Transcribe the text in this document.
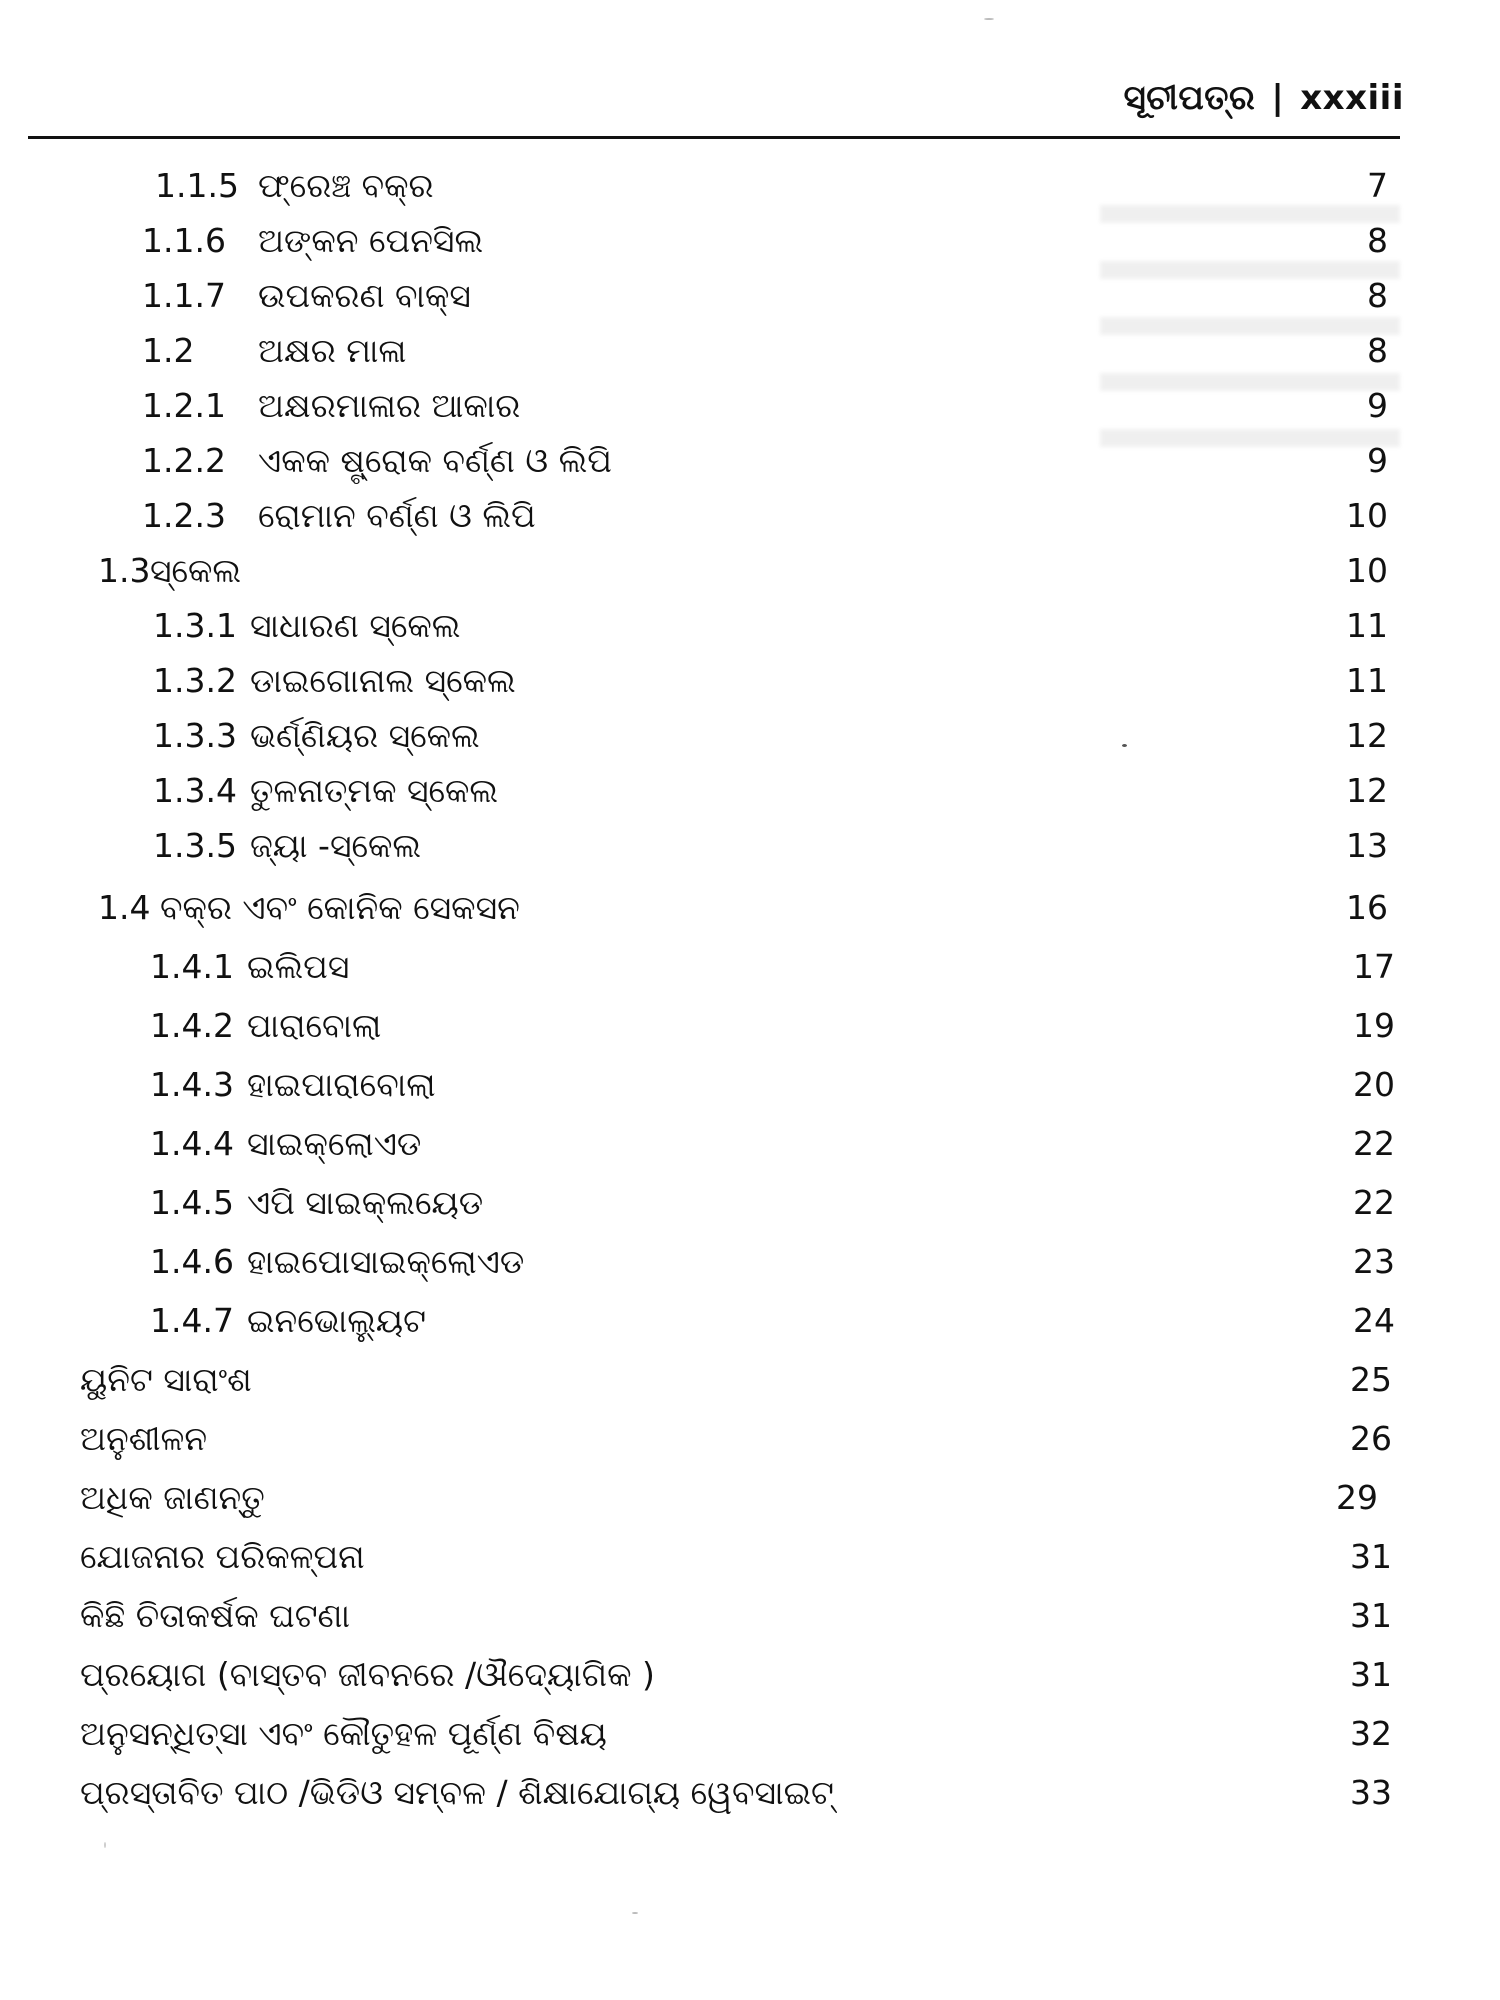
ସୂଚୀପତ୍ର | xxxiii
1.1.5 ଫ୍ରେଞ୍ଚ ବକ୍ର	7
1.1.6 ଅଙ୍କନ ପେନସିଲ	8
1.1.7 ଉପକରଣ ବାକ୍ସ	8
1.2 ଅକ୍ଷର ମାଳା	8
1.2.1 ଅକ୍ଷରମାଳାର ଆକାର	9
1.2.2 ଏକକ ଷ୍ଟ୍ରୋକ ବର୍ଣ୍ଣ ଓ ଲିପି	9
1.2.3 ରୋମାନ ବର୍ଣ୍ଣ ଓ ଲିପି	10
1.3 ସ୍କେଲ	10
1.3.1 ସାଧାରଣ ସ୍କେଲ	11
1.3.2 ଡାଇଗୋନାଲ ସ୍କେଲ	11
1.3.3 ଭର୍ଣ୍ଣିୟର ସ୍କେଲ	12
1.3.4 ତୁଳନାତ୍ମକ ସ୍କେଲ	12
1.3.5 ଜ୍ୟା -ସ୍କେଲ	13
1.4 ବକ୍ର ଏବଂ କୋନିକ ସେକସନ	16
1.4.1 ଇଲିପସ	17
1.4.2 ପାରାବୋଲା	19
1.4.3 ହାଇପାରାବୋଲା	20
1.4.4 ସାଇକ୍ଲୋଏଡ	22
1.4.5 ଏପି ସାଇକ୍ଲୟେଡ	22
1.4.6 ହାଇପୋସାଇକ୍ଲୋଏଡ	23
1.4.7 ଇନଭୋଲ୍ୟୁଟ	24
ୟୁନିଟ ସାରାଂଶ	25
ଅନୁଶୀଳନ	26
ଅଧିକ ଜାଣନ୍ତୁ	29
ଯୋଜନାର ପରିକଳ୍ପନା	31
କିଛି ଚିତାକର୍ଷକ ଘଟଣା	31
ପ୍ରୟୋଗ (ବାସ୍ତବ ଜୀବନରେ /ଔଦ୍ୟୋଗିକ )	31
ଅନୁସନ୍ଧିତ୍ସା ଏବଂ କୌତୁହଳ ପୂର୍ଣ୍ଣ ବିଷୟ	32
ପ୍ରସ୍ତାବିତ ପାଠ /ଭିଡିଓ ସମ୍ବଳ / ଶିକ୍ଷାଯୋଗ୍ୟ ୱେବସାଇଟ୍	33
